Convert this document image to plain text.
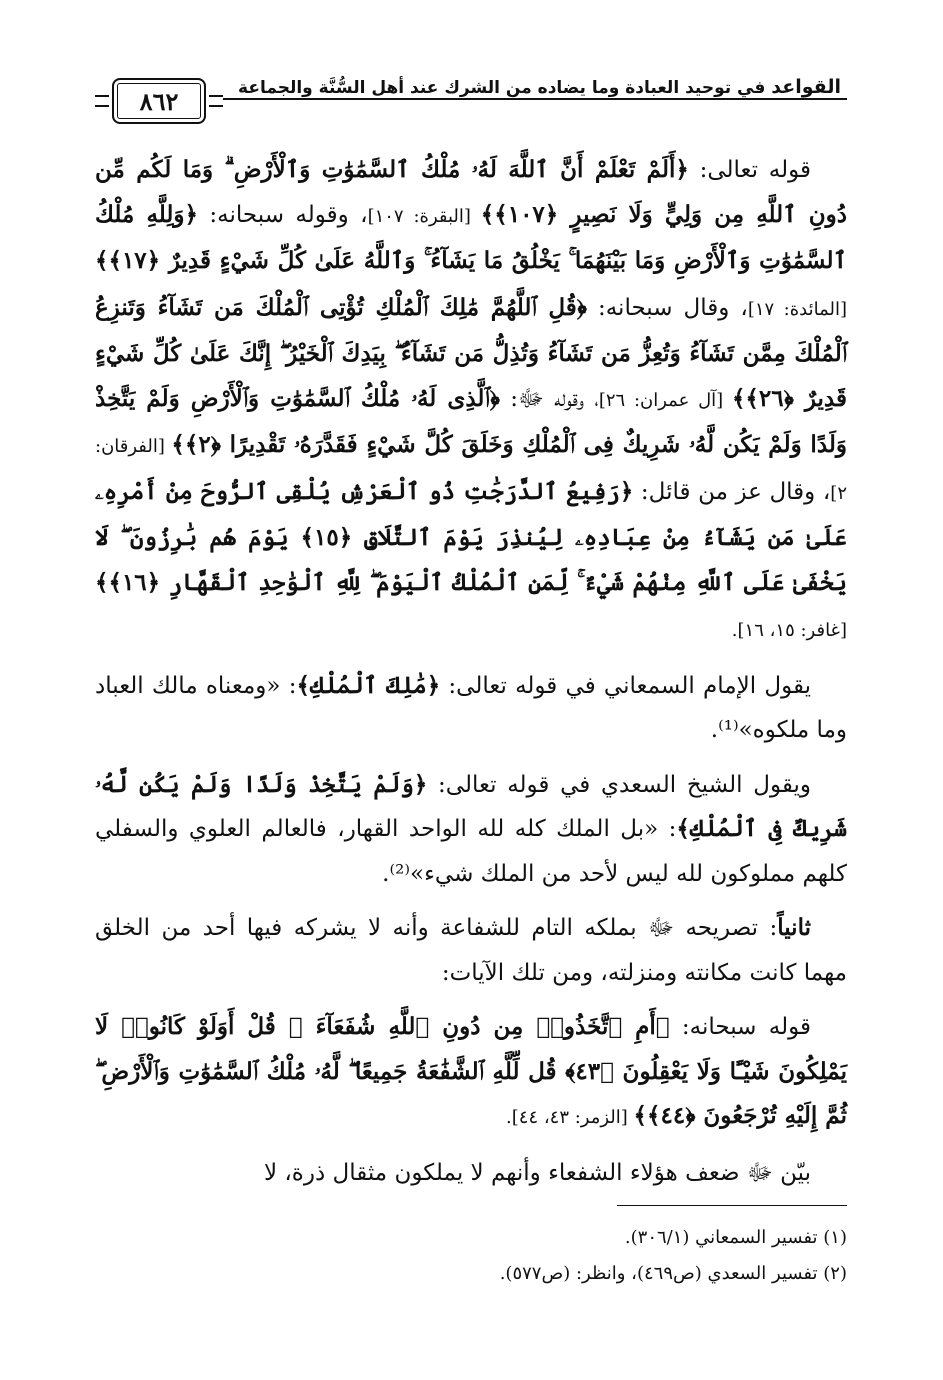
القواعد في توحيد العبادة وما يضاده من الشرك عند أهل السُّنَّة والجماعة
٨٦٢

قوله تعالى: ﴿أَلَمْ تَعْلَمْ أَنَّ ٱللَّهَ لَهُۥ مُلْكُ ٱلسَّمَٰوَٰتِ وَٱلْأَرْضِ ۗ وَمَا لَكُم مِّن دُونِ ٱللَّهِ مِن وَلِيٍّ وَلَا نَصِيرٍ ﴿١٠٧﴾﴾ [البقرة: ١٠٧]، وقوله سبحانه: ﴿وَلِلَّهِ مُلْكُ ٱلسَّمَٰوَٰتِ وَٱلْأَرْضِ وَمَا بَيْنَهُمَا ۚ يَخْلُقُ مَا يَشَآءُ ۚ وَٱللَّهُ عَلَىٰ كُلِّ شَيْءٍ قَدِيرٌ ﴿١٧﴾﴾ [المائدة: ١٧]، وقال سبحانه: ﴿قُلِ ٱللَّهُمَّ مَٰلِكَ ٱلْمُلْكِ تُؤْتِى ٱلْمُلْكَ مَن تَشَآءُ وَتَنزِعُ ٱلْمُلْكَ مِمَّن تَشَآءُ وَتُعِزُّ مَن تَشَآءُ وَتُذِلُّ مَن تَشَآءُ ۖ بِيَدِكَ ٱلْخَيْرُ ۖ إِنَّكَ عَلَىٰ كُلِّ شَيْءٍ قَدِيرٌ ﴿٢٦﴾﴾ [آل عمران: ٢٦]، وقوله ﷻ: ﴿ٱلَّذِى لَهُۥ مُلْكُ ٱلسَّمَٰوَٰتِ وَٱلْأَرْضِ وَلَمْ يَتَّخِذْ وَلَدًا وَلَمْ يَكُن لَّهُۥ شَرِيكٌ فِى ٱلْمُلْكِ وَخَلَقَ كُلَّ شَيْءٍ فَقَدَّرَهُۥ تَقْدِيرًا ﴿٢﴾﴾ [الفرقان: ٢]، وقال عز من قائل: ﴿رَفِيعُ ٱلدَّرَجَٰتِ ذُو ٱلْعَرْشِ يُلْقِى ٱلرُّوحَ مِنْ أَمْرِهِۦ عَلَىٰ مَن يَشَآءُ مِنْ عِبَادِهِۦ لِيُنذِرَ يَوْمَ ٱلتَّلَاقِ ﴿١٥﴾ يَوْمَ هُم بَٰرِزُونَ ۖ لَا يَخْفَىٰ عَلَى ٱللَّهِ مِنْهُمْ شَيْءٌ ۚ لِّمَنِ ٱلْمُلْكُ ٱلْيَوْمَ ۖ لِلَّهِ ٱلْوَٰحِدِ ٱلْقَهَّارِ ﴿١٦﴾﴾ [غافر: ١٥، ١٦].

يقول الإمام السمعاني في قوله تعالى: ﴿مَٰلِكَ ٱلْمُلْكِ﴾: «ومعناه مالك العباد وما ملكوه»⁽¹⁾.

ويقول الشيخ السعدي في قوله تعالى: ﴿وَلَمْ يَتَّخِذْ وَلَدًا وَلَمْ يَكُن لَّهُۥ شَرِيكٌ فِى ٱلْمُلْكِ﴾: «بل الملك كله لله الواحد القهار، فالعالم العلوي والسفلي كلهم مملوكون لله ليس لأحد من الملك شيء»⁽²⁾.

ثانياً: تصريحه ﷻ بملكه التام للشفاعة وأنه لا يشركه فيها أحد من الخلق مهما كانت مكانته ومنزلته، ومن تلك الآيات:

قوله سبحانه: ﴿أَمِ ٱتَّخَذُوا۟ مِن دُونِ ٱللَّهِ شُفَعَآءَ ۚ قُلْ أَوَلَوْ كَانُوا۟ لَا يَمْلِكُونَ شَيْـًٔا وَلَا يَعْقِلُونَ ﴿٤٣﴾ قُل لِّلَّهِ ٱلشَّفَٰعَةُ جَمِيعًا ۖ لَّهُۥ مُلْكُ ٱلسَّمَٰوَٰتِ وَٱلْأَرْضِ ۖ ثُمَّ إِلَيْهِ تُرْجَعُونَ ﴿٤٤﴾﴾ [الزمر: ٤٣، ٤٤].

بيّن ﷻ ضعف هؤلاء الشفعاء وأنهم لا يملكون مثقال ذرة، لا

(١) تفسير السمعاني (٣٠٦/١).
(٢) تفسير السعدي (ص٤٦٩)، وانظر: (ص٥٧٧).
